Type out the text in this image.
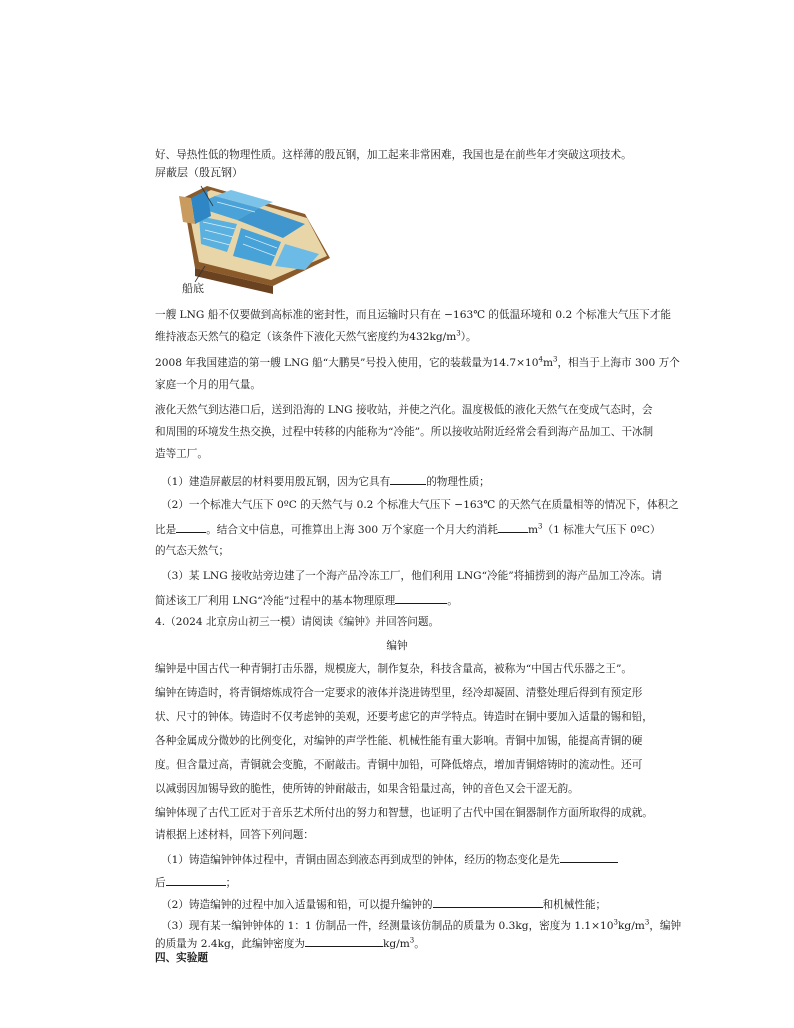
好、导热性低的物理性质。这样薄的殷瓦钢，加工起来非常困难，我国也是在前些年才突破这项技术。
屏蔽层（殷瓦钢）
船底
一艘 LNG 船不仅要做到高标准的密封性，而且运输时只有在 −163℃ 的低温环境和 0.2 个标准大气压下才能
维持液态天然气的稳定（该条件下液化天然气密度约为$432kg/m^3$）。
2008 年我国建造的第一艘 LNG 船“大鹏昊”号投入使用，它的装载量为$14.7\times 10^4m^3$，相当于上海市 300 万个
家庭一个月的用气量。
液化天然气到达港口后，送到沿海的 LNG 接收站，并使之汽化。温度极低的液化天然气在变成气态时，会
和周围的环境发生热交换，过程中转移的内能称为“冷能”。所以接收站附近经常会看到海产品加工、干冰制
造等工厂。
（1）建造屏蔽层的材料要用殷瓦钢，因为它具有	的物理性质；
（2）一个标准大气压下 0ºC 的天然气与 0.2 个标准大气压下 −163℃ 的天然气在质量相等的情况下，体积之
比是	。结合文中信息，可推算出上海 300 万个家庭一个月大约消耗	$m^3(1$ 标准大气压下 0ºC）
的气态天然气；
（3）某 LNG 接收站旁边建了一个海产品冷冻工厂，他们利用 LNG“冷能”将捕捞到的海产品加工冷冻。请
简述该工厂利用 LNG“冷能”过程中的基本物理原理	。
4.（2024 北京房山初三一模）请阅读《编钟》并回答问题。
编钟
编钟是中国古代一种青铜打击乐器，规模庞大，制作复杂，科技含量高，被称为“中国古代乐器之王”。
编钟在铸造时，将青铜熔炼成符合一定要求的液体并浇进铸型里，经冷却凝固、清整处理后得到有预定形
状、尺寸的钟体。铸造时不仅考虑钟的美观，还要考虑它的声学特点。铸造时在铜中要加入适量的锡和铅，
各种金属成分微妙的比例变化，对编钟的声学性能、机械性能有重大影响。青铜中加锡，能提高青铜的硬
度。但含量过高，青铜就会变脆，不耐敲击。青铜中加铅，可降低熔点，增加青铜熔铸时的流动性。还可
以减弱因加锡导致的脆性，使所铸的钟耐敲击，如果含铅量过高，钟的音色又会干涩无韵。
编钟体现了古代工匠对于音乐艺术所付出的努力和智慧，也证明了古代中国在铜器制作方面所取得的成就。
请根据上述材料，回答下列问题：
（1）铸造编钟钟体过程中，青铜由固态到液态再到成型的钟体，经历的物态变化是先
后	；
（2）铸造编钟的过程中加入适量锡和铅，可以提升编钟的	和机械性能；
（3）现有某一编钟钟体的 1：1 仿制品一件，经测量该仿制品的质量为 0.3kg，密度为 $1.1\times 10^3kg/m^3$，编钟
的质量为 2.4kg，此编钟密度为	$kg/m^3$。
四、实验题
